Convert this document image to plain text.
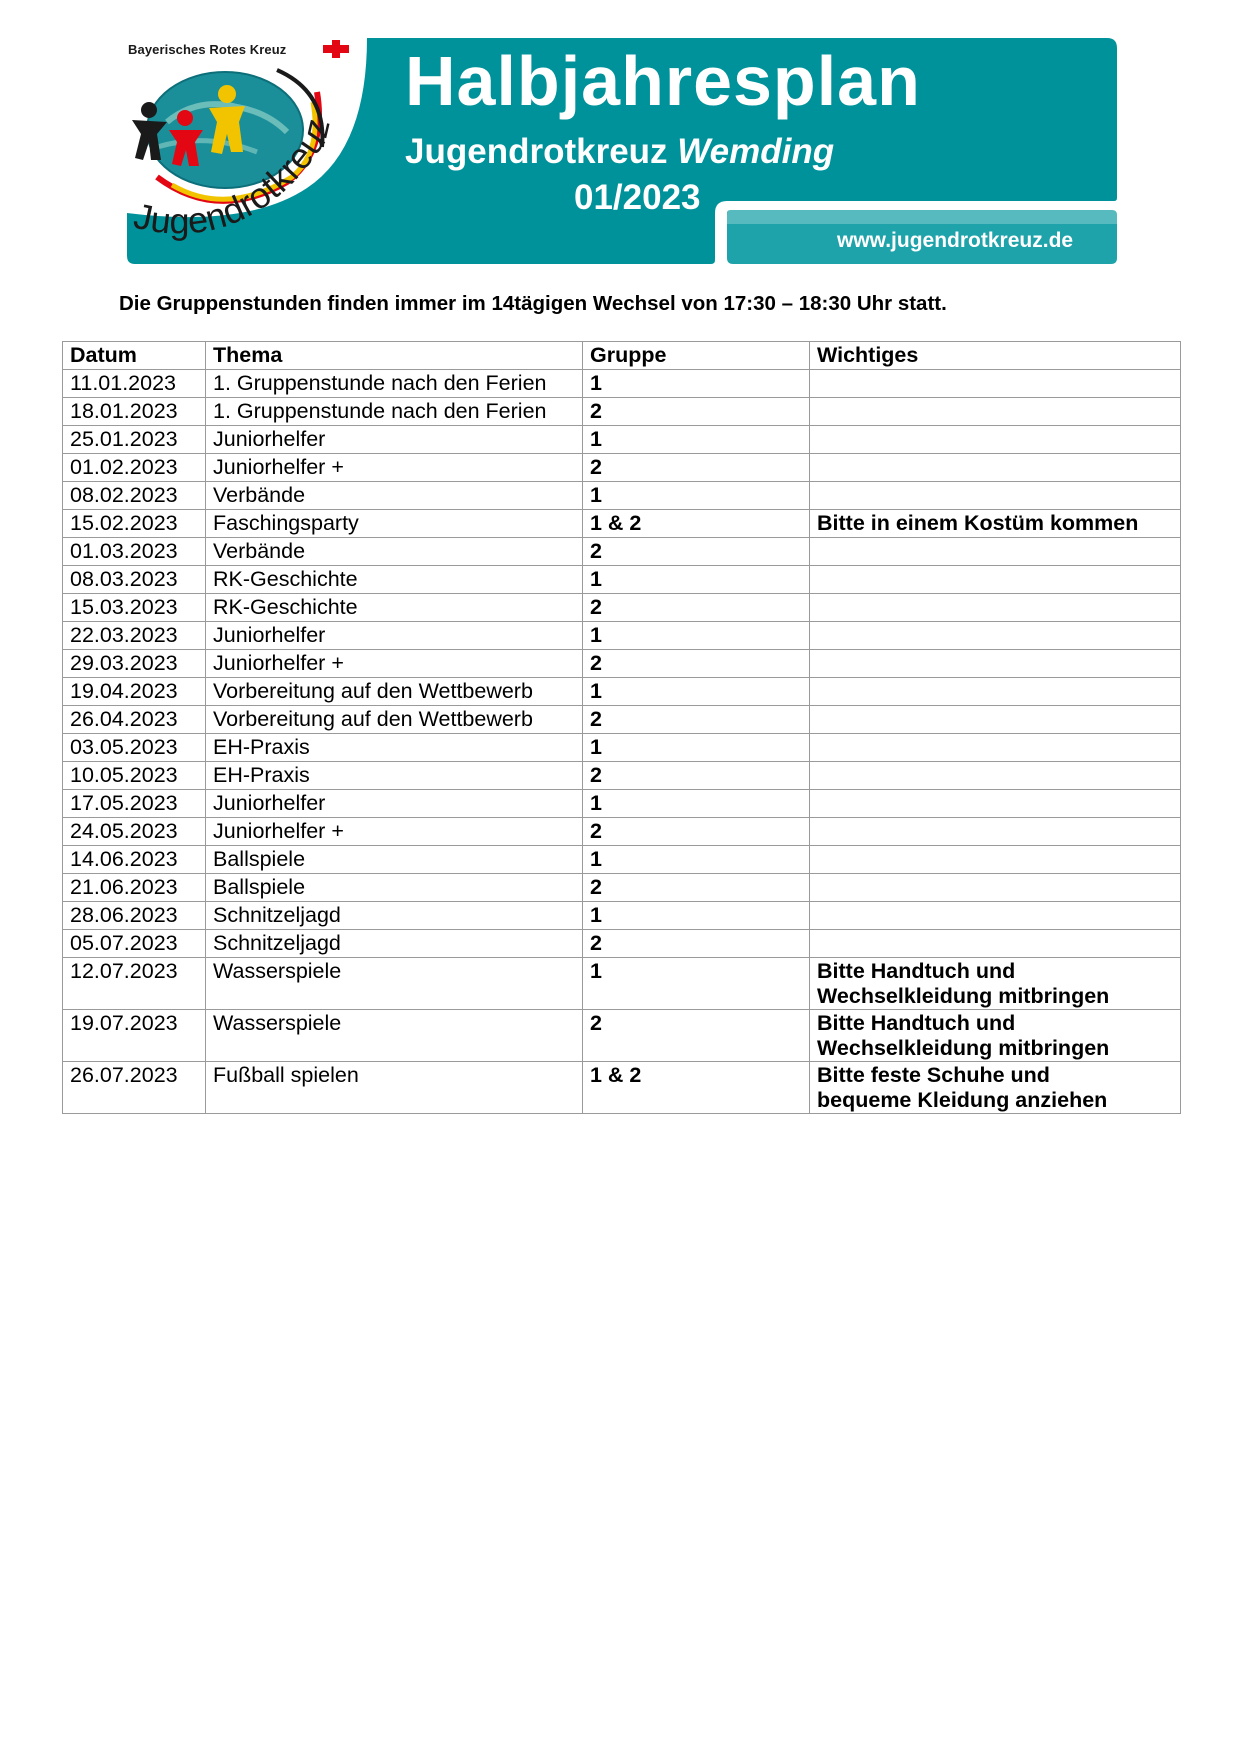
Bayerisches Rotes Kreuz
Jugendrotkreuz
Halbjahresplan
Jugendrotkreuz Wemding
01/2023
www.jugendrotkreuz.de
Die Gruppenstunden finden immer im 14tägigen Wechsel von 17:30 – 18:30 Uhr statt.
Datum	Thema	Gruppe	Wichtiges
11.01.2023	1. Gruppenstunde nach den Ferien	1	
18.01.2023	1. Gruppenstunde nach den Ferien	2	
25.01.2023	Juniorhelfer	1	
01.02.2023	Juniorhelfer +	2	
08.02.2023	Verbände	1	
15.02.2023	Faschingsparty	1 & 2	Bitte in einem Kostüm kommen
01.03.2023	Verbände	2	
08.03.2023	RK-Geschichte	1	
15.03.2023	RK-Geschichte	2	
22.03.2023	Juniorhelfer	1	
29.03.2023	Juniorhelfer +	2	
19.04.2023	Vorbereitung auf den Wettbewerb	1	
26.04.2023	Vorbereitung auf den Wettbewerb	2	
03.05.2023	EH-Praxis	1	
10.05.2023	EH-Praxis	2	
17.05.2023	Juniorhelfer	1	
24.05.2023	Juniorhelfer +	2	
14.06.2023	Ballspiele	1	
21.06.2023	Ballspiele	2	
28.06.2023	Schnitzeljagd	1	
05.07.2023	Schnitzeljagd	2	
12.07.2023	Wasserspiele	1	Bitte Handtuch und
Wechselkleidung mitbringen

19.07.2023	Wasserspiele	2	Bitte Handtuch und
Wechselkleidung mitbringen

26.07.2023	Fußball spielen	1 & 2	Bitte feste Schuhe und
bequeme Kleidung anziehen
